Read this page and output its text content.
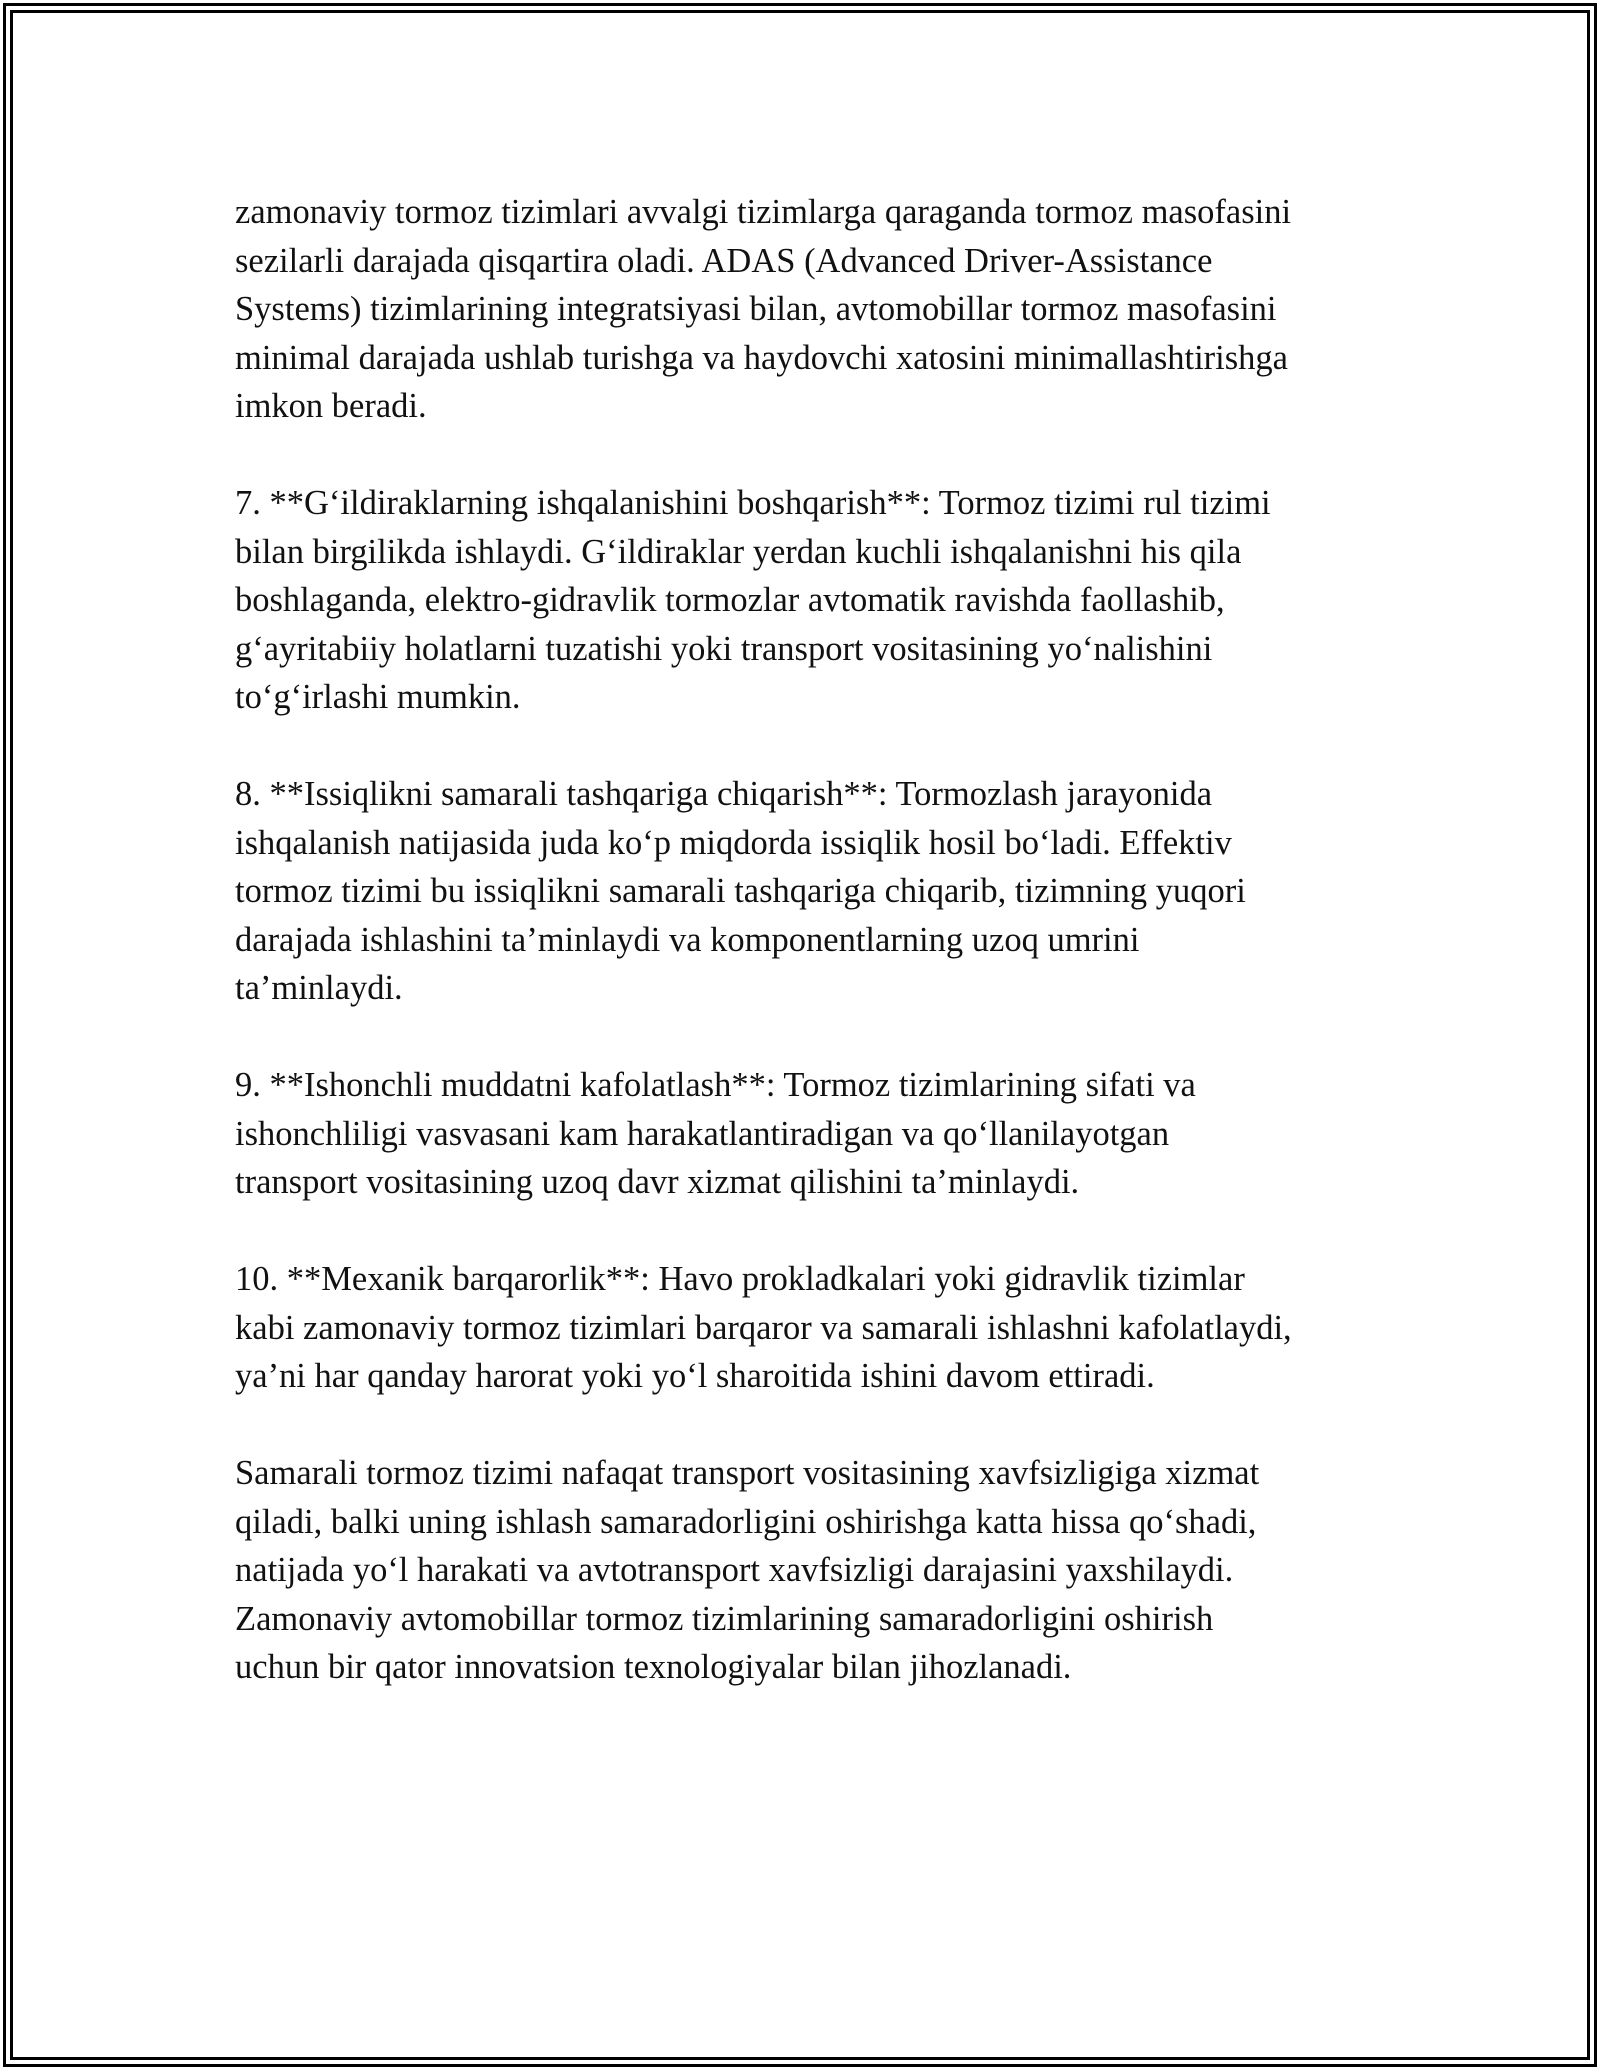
zamonaviy tormoz tizimlari avvalgi tizimlarga qaraganda tormoz masofasini
sezilarli darajada qisqartira oladi. ADAS (Advanced Driver-Assistance
Systems) tizimlarining integratsiyasi bilan, avtomobillar tormoz masofasini
minimal darajada ushlab turishga va haydovchi xatosini minimallashtirishga
imkon beradi.

7. **G‘ildiraklarning ishqalanishini boshqarish**: Tormoz tizimi rul tizimi
bilan birgilikda ishlaydi. G‘ildiraklar yerdan kuchli ishqalanishni his qila
boshlaganda, elektro-gidravlik tormozlar avtomatik ravishda faollashib,
g‘ayritabiiy holatlarni tuzatishi yoki transport vositasining yo‘nalishini
to‘g‘irlashi mumkin.

8. **Issiqlikni samarali tashqariga chiqarish**: Tormozlash jarayonida
ishqalanish natijasida juda ko‘p miqdorda issiqlik hosil bo‘ladi. Effektiv
tormoz tizimi bu issiqlikni samarali tashqariga chiqarib, tizimning yuqori
darajada ishlashini ta’minlaydi va komponentlarning uzoq umrini
ta’minlaydi.

9. **Ishonchli muddatni kafolatlash**: Tormoz tizimlarining sifati va
ishonchliligi vasvasani kam harakatlantiradigan va qo‘llanilayotgan
transport vositasining uzoq davr xizmat qilishini ta’minlaydi.

10. **Mexanik barqarorlik**: Havo prokladkalari yoki gidravlik tizimlar
kabi zamonaviy tormoz tizimlari barqaror va samarali ishlashni kafolatlaydi,
ya’ni har qanday harorat yoki yo‘l sharoitida ishini davom ettiradi.

Samarali tormoz tizimi nafaqat transport vositasining xavfsizligiga xizmat
qiladi, balki uning ishlash samaradorligini oshirishga katta hissa qo‘shadi,
natijada yo‘l harakati va avtotransport xavfsizligi darajasini yaxshilaydi.
Zamonaviy avtomobillar tormoz tizimlarining samaradorligini oshirish
uchun bir qator innovatsion texnologiyalar bilan jihozlanadi.
